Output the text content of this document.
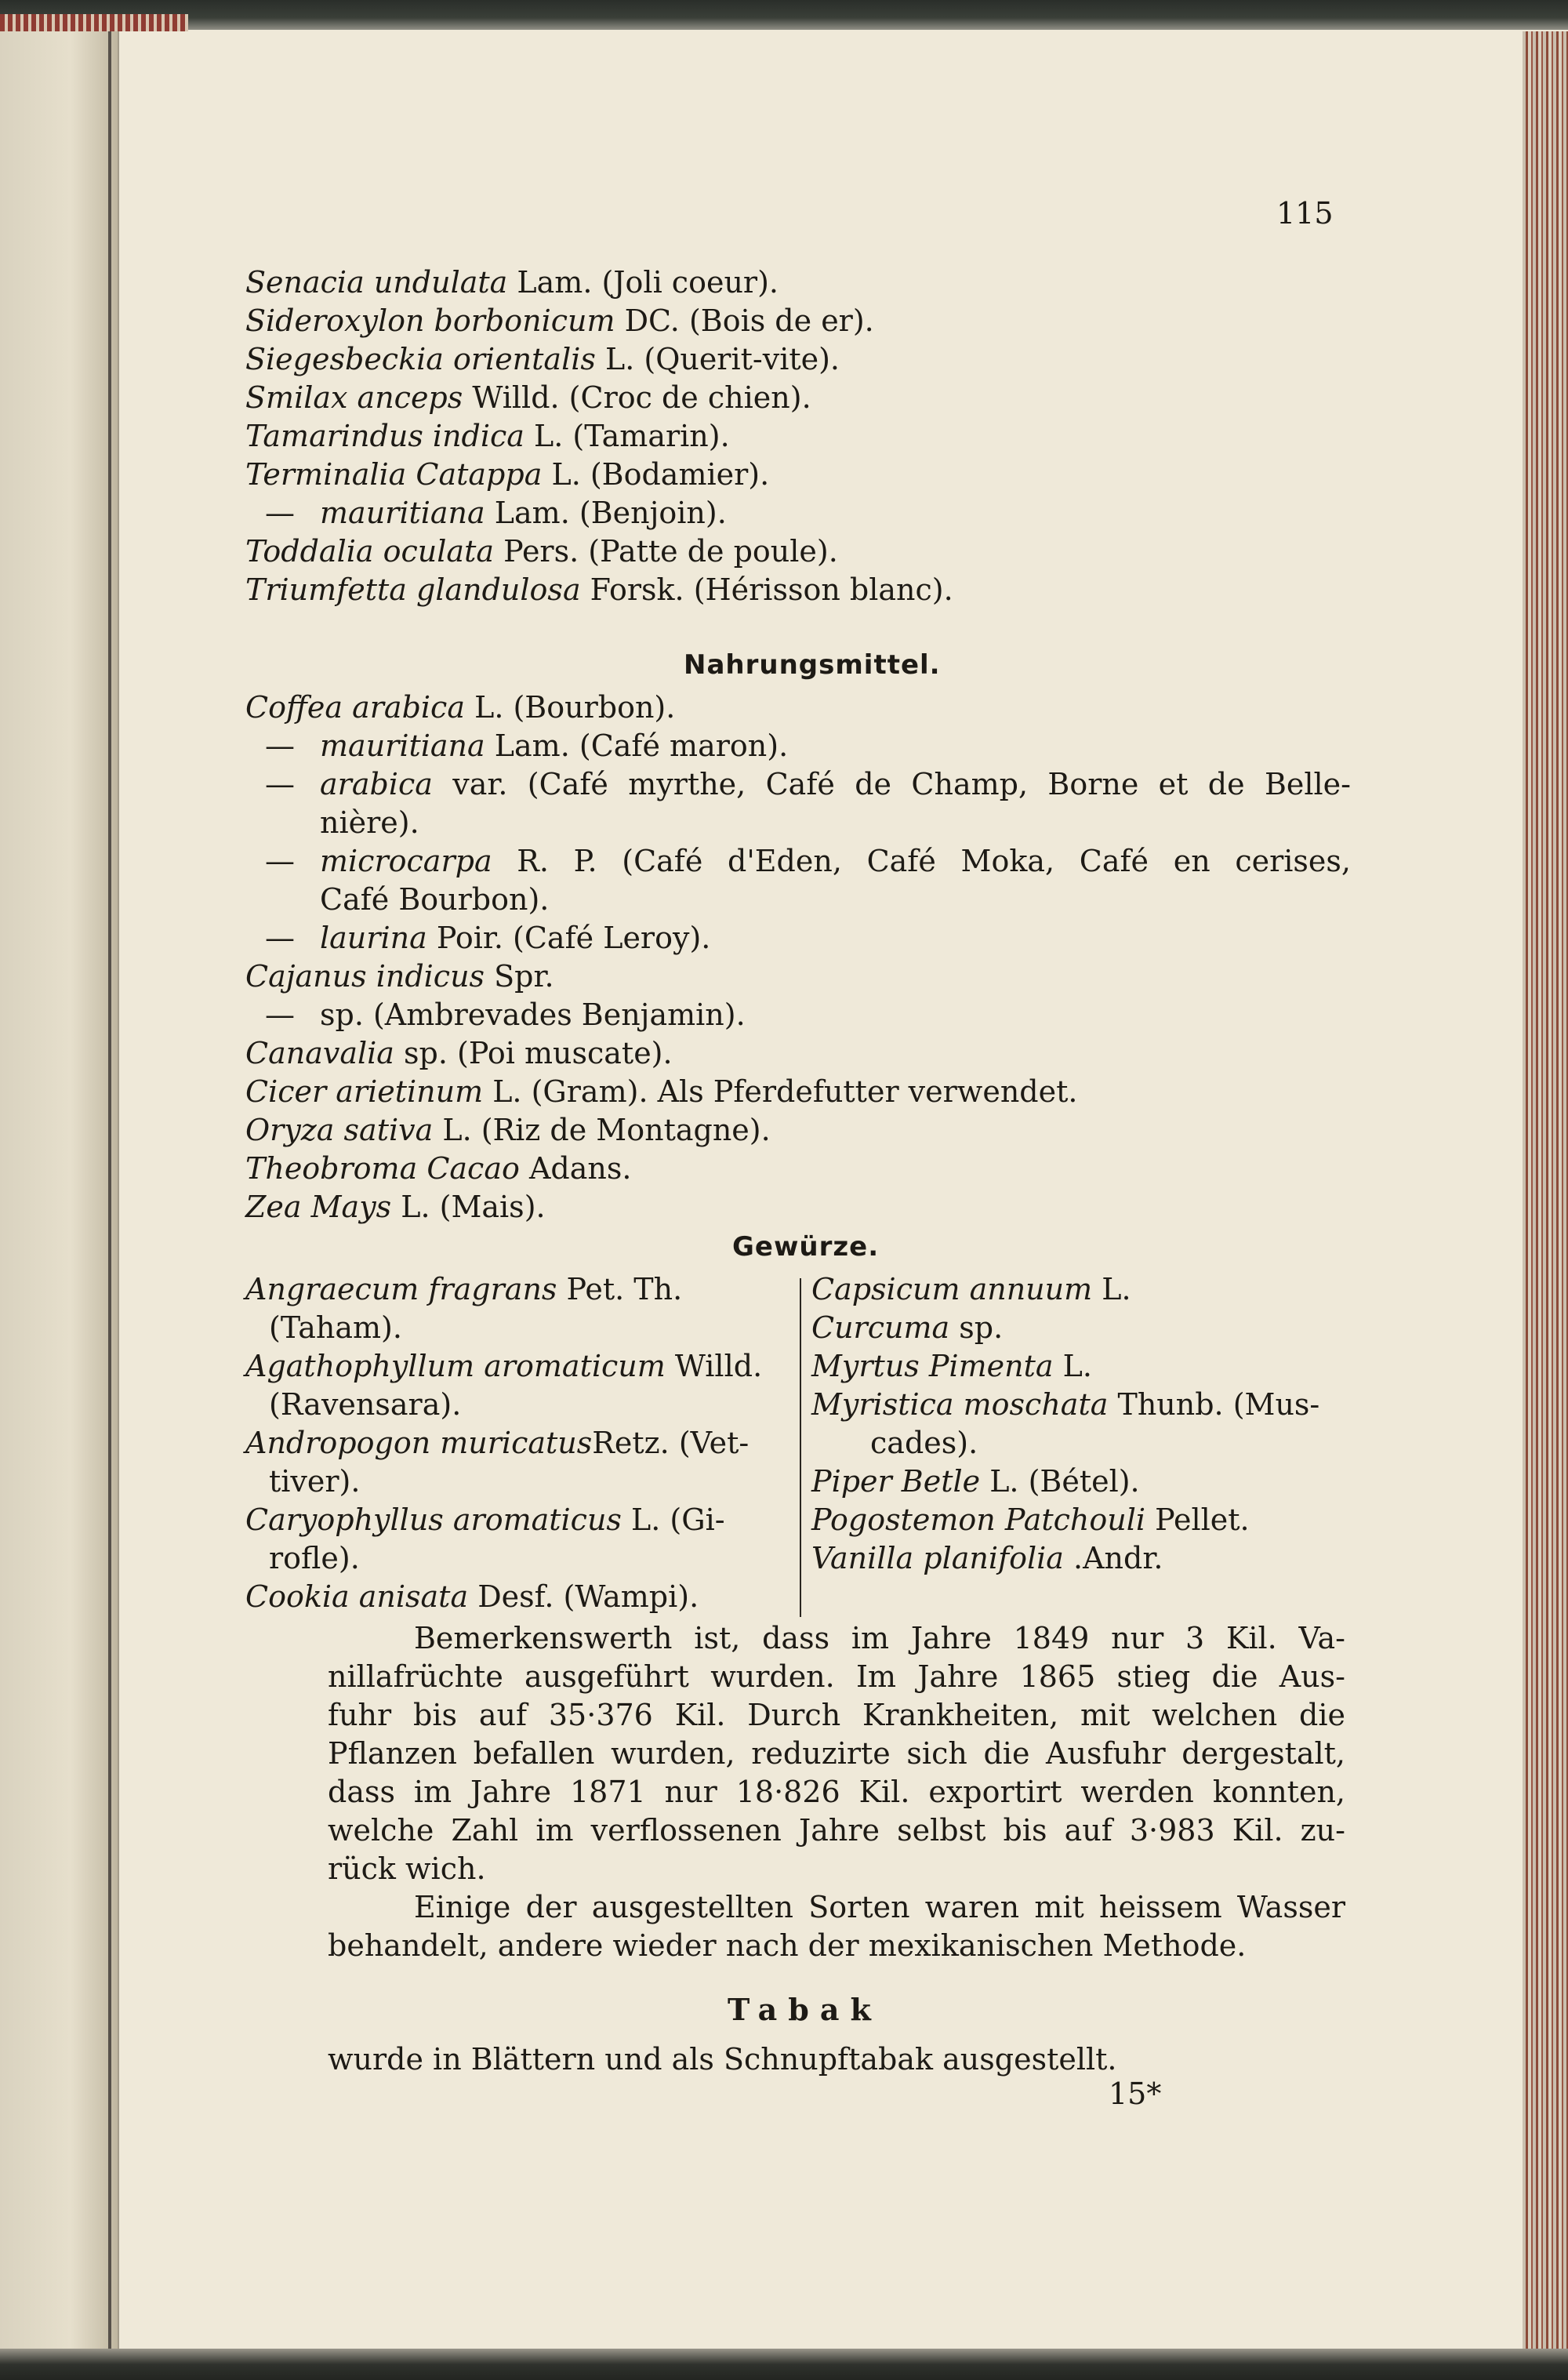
115
Senacia undulata Lam. (Joli coeur).
Sideroxylon borbonicum DC. (Bois de er).
Siegesbeckia orientalis L. (Querit-vite).
Smilax anceps Willd. (Croc de chien).
Tamarindus indica L. (Tamarin).
Terminalia Catappa L. (Bodamier).
— mauritiana Lam. (Benjoin).
Toddalia oculata Pers. (Patte de poule).
Triumfetta glandulosa Forsk. (Hérisson blanc).
Nahrungsmittel.
Coffea arabica L. (Bourbon).
— mauritiana Lam. (Café maron).
— arabica var. (Café myrthe, Café de Champ, Borne et de Belle-
nière).
— microcarpa R. P. (Café d'Eden, Café Moka, Café en cerises,
Café Bourbon).
— laurina Poir. (Café Leroy).
Cajanus indicus Spr.
— sp. (Ambrevades Benjamin).
Canavalia sp. (Poi muscate).
Cicer arietinum L. (Gram). Als Pferdefutter verwendet.
Oryza sativa L. (Riz de Montagne).
Theobroma Cacao Adans.
Zea Mays L. (Mais).
Gewürze.
Angraecum fragrans Pet. Th.
(Taham).
Agathophyllum aromaticum Willd.
(Ravensara).
Andropogon muricatusRetz. (Vet-
tiver).
Caryophyllus aromaticus L. (Gi-
rofle).
Cookia anisata Desf. (Wampi).
Capsicum annuum L.
Curcuma sp.
Myrtus Pimenta L.
Myristica moschata Thunb. (Mus-
cades).
Piper Betle L. (Bétel).
Pogostemon Patchouli Pellet.
Vanilla planifolia .Andr.
Bemerkenswerth ist, dass im Jahre 1849 nur 3 Kil. Va-
nillafrüchte ausgeführt wurden. Im Jahre 1865 stieg die Aus-
fuhr bis auf 35·376 Kil. Durch Krankheiten, mit welchen die
Pflanzen befallen wurden, reduzirte sich die Ausfuhr dergestalt,
dass im Jahre 1871 nur 18·826 Kil. exportirt werden konnten,
welche Zahl im verflossenen Jahre selbst bis auf 3·983 Kil. zu-
rück wich.
Einige der ausgestellten Sorten waren mit heissem Wasser
behandelt, andere wieder nach der mexikanischen Methode.
Tabak
wurde in Blättern und als Schnupftabak ausgestellt.
15*
